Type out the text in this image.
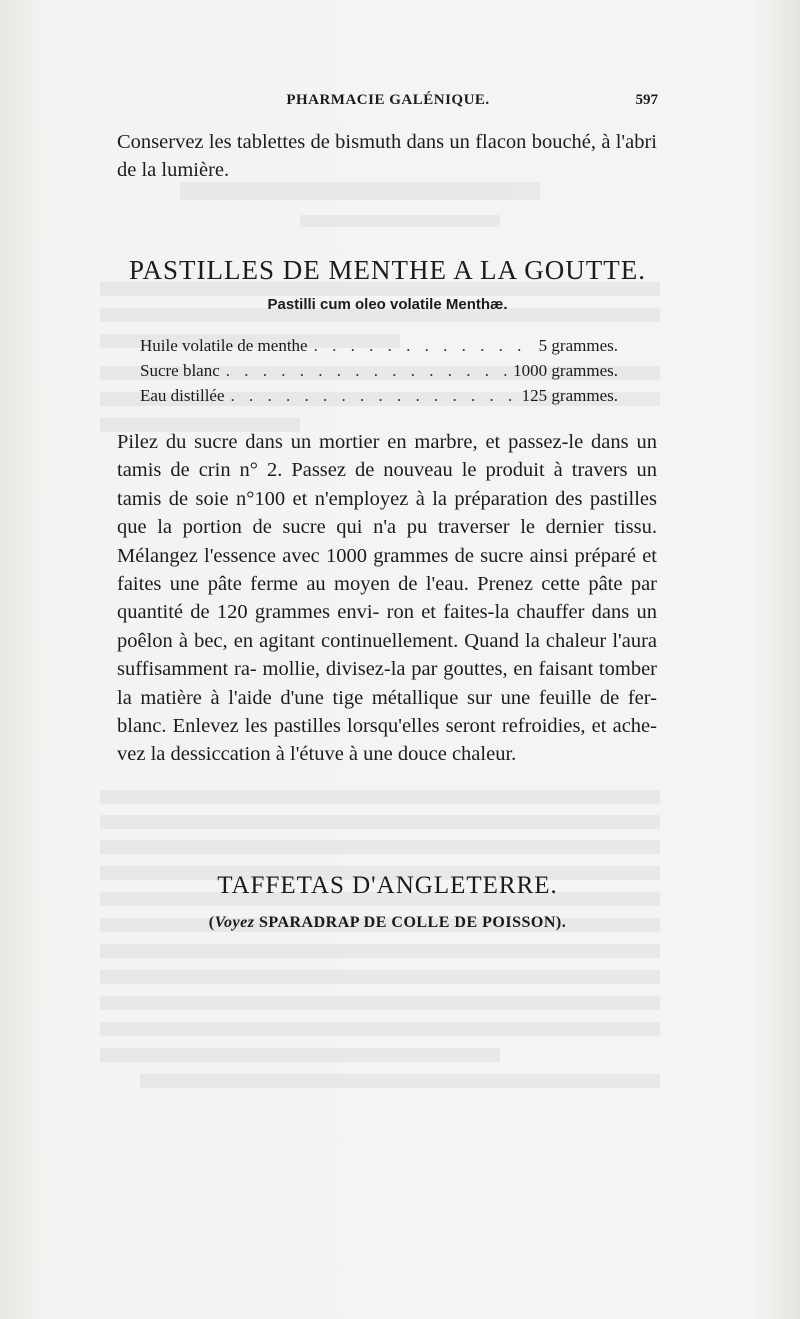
PHARMACIE GALÉNIQUE.	597

Conservez les tablettes de bismuth dans un flacon bouché, à l'abri de la lumière.

PASTILLES DE MENTHE A LA GOUTTE.
Pastilli cum oleo volatile Menthæ.
Huile volatile de menthe . . .	5 grammes.
Sucre blanc . . .	1000 grammes.
Eau distillée . . .	125 grammes.

Pilez du sucre dans un mortier en marbre, et passez-le dans un tamis de crin n° 2. Passez de nouveau le produit à travers un tamis de soie n°100 et n'employez à la préparation des pastilles que la portion de sucre qui n'a pu traverser le dernier tissu. Mélangez l'essence avec 1000 grammes de sucre ainsi préparé et faites une pâte ferme au moyen de l'eau. Prenez cette pâte par quantité de 120 grammes envi- ron et faites-la chauffer dans un poêlon à bec, en agitant continuellement. Quand la chaleur l'aura suffisamment ra- mollie, divisez-la par gouttes, en faisant tomber la matière à l'aide d'une tige métallique sur une feuille de fer-blanc. Enlevez les pastilles lorsqu'elles seront refroidies, et ache- vez la dessiccation à l'étuve à une douce chaleur.

TAFFETAS D'ANGLETERRE.
(Voyez SPARADRAP DE COLLE DE POISSON).
